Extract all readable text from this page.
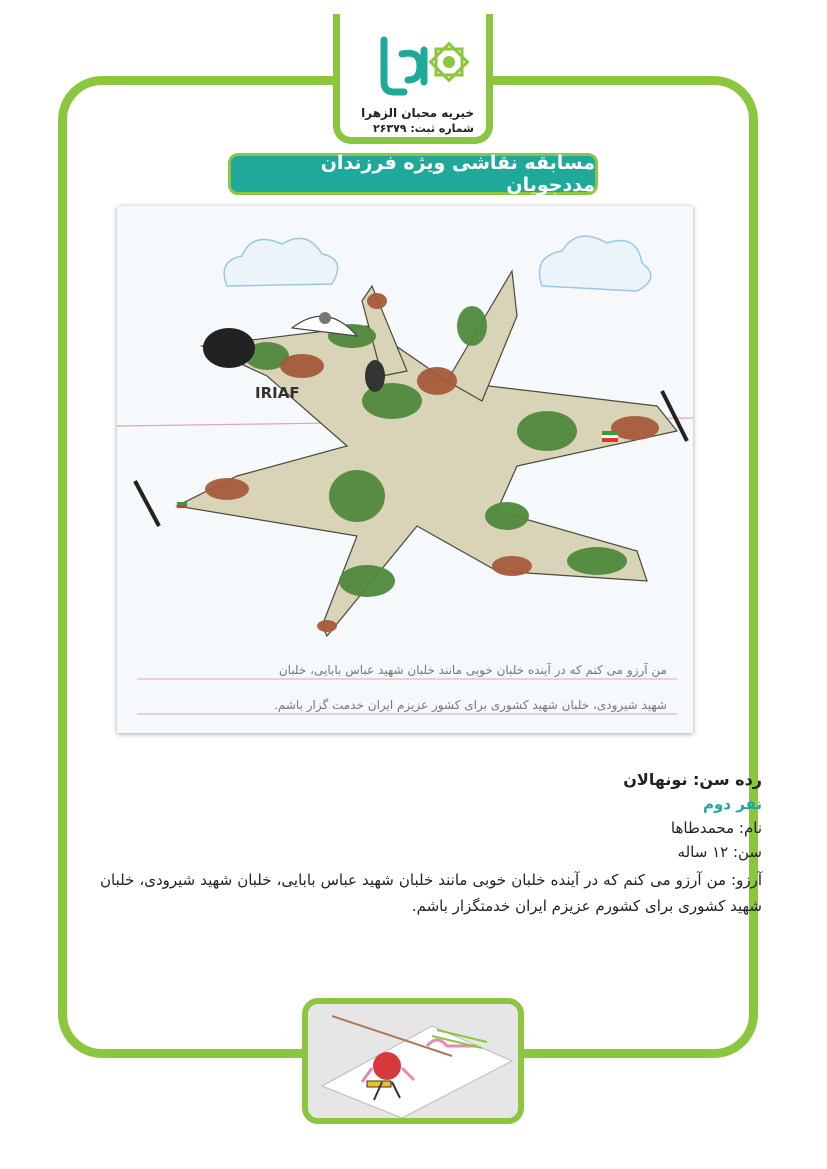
خیریه محبان الزهرا
شماره ثبت: ۲۶۳۷۹
مسابقه نقاشی ویژه فرزندان مددجویان
IRIAF
من آرزو می کنم که در آینده خلبان خوبی مانند خلبان شهید عباس بابایی، خلبان
شهید شیرودی، خلبان شهید کشوری برای کشور عزیزم ایران خدمت گزار باشم.
رده سن: نونهالان
نفر دوم
نام: محمدطاها
سن: ۱۲ ساله
آرزو: من آرزو می کنم که در آینده خلبان خوبی مانند خلبان شهید عباس بابایی، خلبان شهید شیرودی، خلبان شهید کشوری برای کشورم عزیزم ایران خدمتگزار باشم.
